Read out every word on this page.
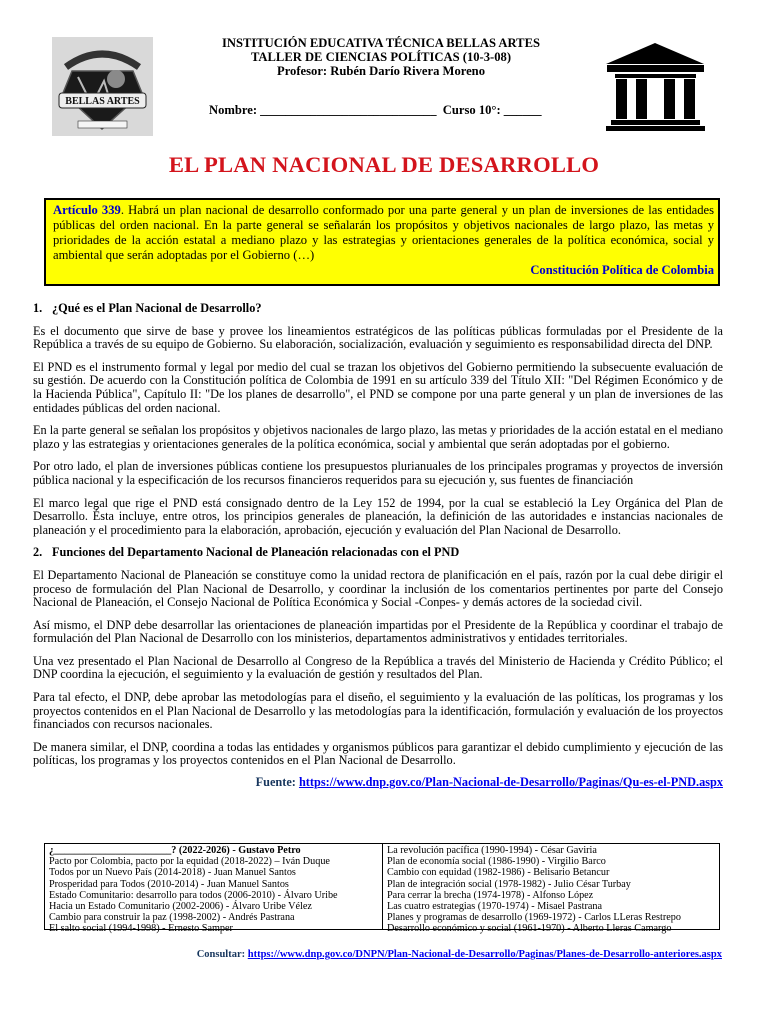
BELLAS ARTES
INSTITUCIÓN EDUCATIVA TÉCNICA BELLAS ARTES
TALLER DE CIENCIAS POLÍTICAS (10-3-08)
Profesor: Rubén Darío Rivera Moreno
Nombre: ____________________________  Curso 10°: ______
EL PLAN NACIONAL DE DESARROLLO
Artículo 339. Habrá un plan nacional de desarrollo conformado por una parte general y un plan de inversiones de las entidades públicas del orden nacional. En la parte general se señalarán los propósitos y objetivos nacionales de largo plazo, las metas y prioridades de la acción estatal a mediano plazo y las estrategias y orientaciones generales de la política económica, social y ambiental que serán adoptadas por el Gobierno (…)
Constitución Política de Colombia
1. ¿Qué es el Plan Nacional de Desarrollo?

Es el documento que sirve de base y provee los lineamientos estratégicos de las políticas públicas formuladas por el Presidente de la República a través de su equipo de Gobierno. Su elaboración, socialización, evaluación y seguimiento es responsabilidad directa del DNP.

El PND es el instrumento formal y legal por medio del cual se trazan los objetivos del Gobierno permitiendo la subsecuente evaluación de su gestión. De acuerdo con la Constitución política de Colombia de 1991 en su artículo 339 del Título XII: "Del Régimen Económico y de la Hacienda Pública", Capítulo II: "De los planes de desarrollo", el PND se compone por una parte general y un plan de inversiones de las entidades públicas del orden nacional.

En la parte general se señalan los propósitos y objetivos nacionales de largo plazo, las metas y prioridades de la acción estatal en el mediano plazo y las estrategias y orientaciones generales de la política económica, social y ambiental que serán adoptadas por el gobierno.

Por otro lado, el plan de inversiones públicas contiene los presupuestos plurianuales de los principales programas y proyectos de inversión pública nacional y la especificación de los recursos financieros requeridos para su ejecución y, sus fuentes de financiación

El marco legal que rige el PND está consignado dentro de la Ley 152 de 1994, por la cual se estableció la Ley Orgánica del Plan de Desarrollo. Ésta incluye, entre otros, los principios generales de planeación, la definición de las autoridades e instancias nacionales de planeación y el procedimiento para la elaboración, aprobación, ejecución y evaluación del Plan Nacional de Desarrollo.

2. Funciones del Departamento Nacional de Planeación relacionadas con el PND

El Departamento Nacional de Planeación se constituye como la unidad rectora de planificación en el país, razón por la cual debe dirigir el proceso de formulación del Plan Nacional de Desarrollo, y coordinar la inclusión de los comentarios pertinentes por parte del Consejo Nacional de Planeación, el Consejo Nacional de Política Económica y Social -Conpes- y demás actores de la sociedad civil.

Así mismo, el DNP debe desarrollar las orientaciones de planeación impartidas por el Presidente de la República y coordinar el trabajo de formulación del Plan Nacional de Desarrollo con los ministerios, departamentos administrativos y entidades territoriales.

Una vez presentado el Plan Nacional de Desarrollo al Congreso de la República a través del Ministerio de Hacienda y Crédito Público; el DNP coordina la ejecución, el seguimiento y la evaluación de gestión y resultados del Plan.

Para tal efecto, el DNP, debe aprobar las metodologías para el diseño, el seguimiento y la evaluación de las políticas, los programas y los proyectos contenidos en el Plan Nacional de Desarrollo y las metodologías para la identificación, formulación y evaluación de los proyectos financiados con recursos nacionales.

De manera similar, el DNP, coordina a todas las entidades y organismos públicos para garantizar el debido cumplimiento y ejecución de las políticas, los programas y los proyectos contenidos en el Plan Nacional de Desarrollo.

Fuente: https://www.dnp.gov.co/Plan-Nacional-de-Desarrollo/Paginas/Qu-es-el-PND.aspx
¿_______________________? (2022-2026) - Gustavo Petro
Pacto por Colombia, pacto por la equidad (2018-2022) – Iván Duque
Todos por un Nuevo País (2014-2018) - Juan Manuel Santos
Prosperidad para Todos (2010-2014) - Juan Manuel Santos
Estado Comunitario: desarrollo para todos (2006-2010) - Álvaro Uribe
Hacia un Estado Comunitario (2002-2006) - Álvaro Uribe Vélez
Cambio para construir la paz (1998-2002) - Andrés Pastrana
El salto social (1994-1998) - Ernesto Samper
La revolución pacífica (1990-1994) - César Gaviria
Plan de economía social (1986-1990) - Virgilio Barco
Cambio con equidad (1982-1986) - Belisario Betancur
Plan de integración social (1978-1982) - Julio César Turbay
Para cerrar la brecha (1974-1978) - Alfonso López
Las cuatro estrategias (1970-1974) - Misael Pastrana
Planes y programas de desarrollo (1969-1972) - Carlos LLeras Restrepo
Desarrollo económico y social (1961-1970) - Alberto Lleras Camargo
Consultar: https://www.dnp.gov.co/DNPN/Plan-Nacional-de-Desarrollo/Paginas/Planes-de-Desarrollo-anteriores.aspx
